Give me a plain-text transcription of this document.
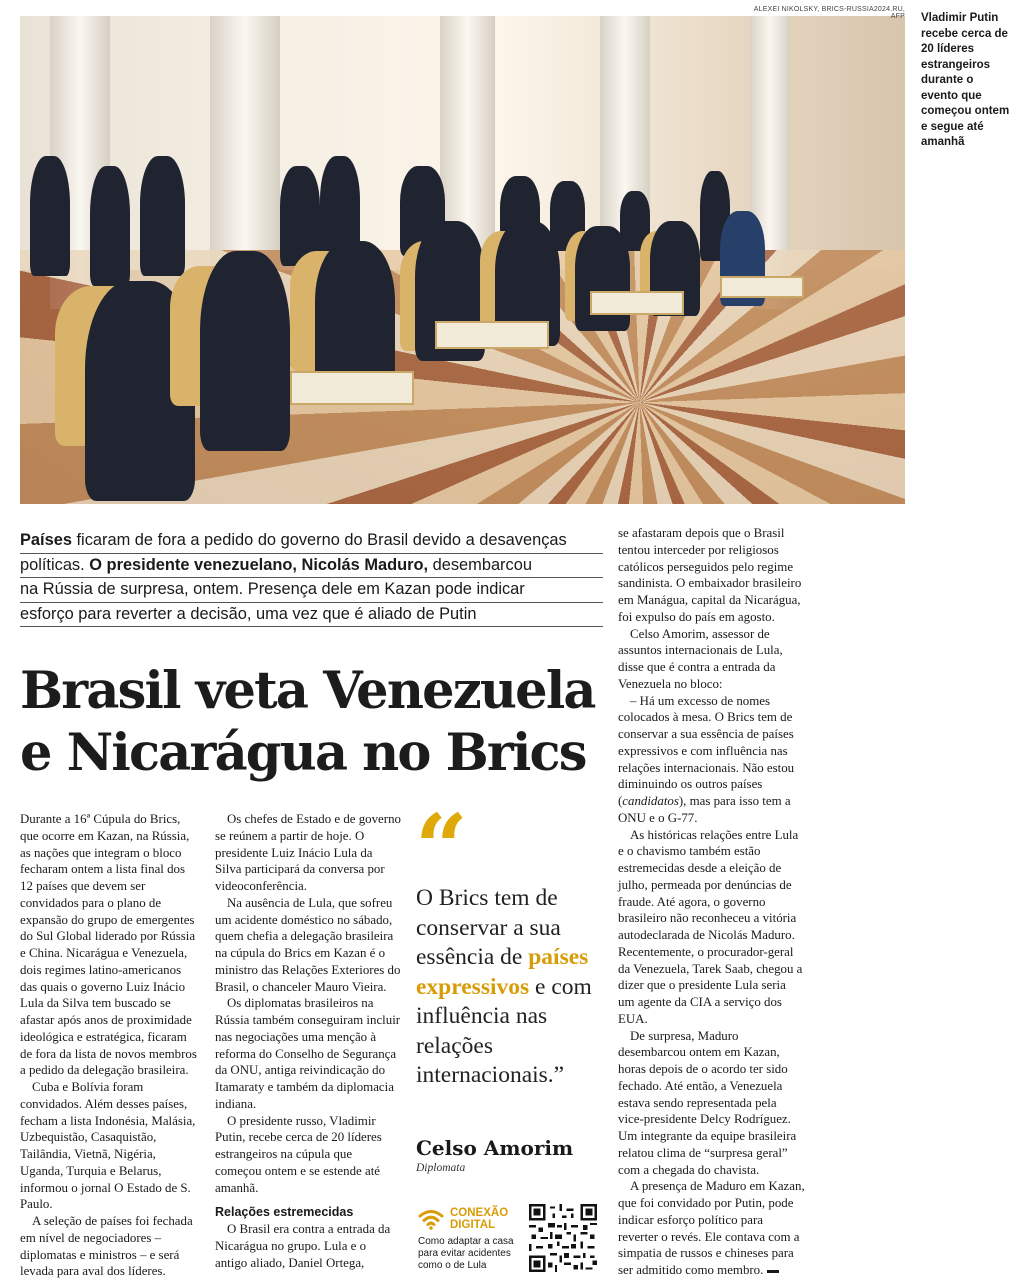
ALEXEI NIKOLSKY, BRICS-RUSSIA2024.RU, AFP Vladimir Putin recebe cerca de 20 líderes estrangeiros durante o evento que começou ontem e segue até amanhã
Países ficaram de fora a pedido do governo do Brasil devido a desavenças
políticas. O presidente venezuelano, Nicolás Maduro, desembarcou
na Rússia de surpresa, ontem. Presença dele em Kazan pode indicar
esforço para reverter a decisão, uma vez que é aliado de Putin
Brasil veta Venezuela
e Nicarágua no Brics

Durante a 16ª Cúpula do Brics, que ocorre em Kazan, na Rússia, as nações que integram o bloco fecharam ontem a lista final dos 12 países que devem ser convidados para o plano de expansão do grupo de emergentes do Sul Global liderado por Rússia e China. Nicarágua e Venezuela, dois regimes latino-americanos das quais o governo Luiz Inácio Lula da Silva tem buscado se afastar após anos de proximidade ideológica e estratégica, ficaram de fora da lista de novos membros a pedido da delegação brasileira.

Cuba e Bolívia foram convidados. Além desses países, fecham a lista Indonésia, Malásia, Uzbequistão, Casaquistão, Tailândia, Vietnã, Nigéria, Uganda, Turquia e Belarus, informou o jornal O Estado de S. Paulo.

A seleção de países foi fechada em nível de negociadores – diplomatas e ministros – e será levada para aval dos líderes.

Os chefes de Estado e de governo se reúnem a partir de hoje. O presidente Luiz Inácio Lula da Silva participará da conversa por videoconferência.

Na ausência de Lula, que sofreu um acidente doméstico no sábado, quem chefia a delegação brasileira na cúpula do Brics em Kazan é o ministro das Relações Exteriores do Brasil, o chanceler Mauro Vieira.

Os diplomatas brasileiros na Rússia também conseguiram incluir nas negociações uma menção à reforma do Conselho de Segurança da ONU, antiga reivindicação do Itamaraty e também da diplomacia indiana.

O presidente russo, Vladimir Putin, recebe cerca de 20 líderes estrangeiros na cúpula que começou ontem e se estende até amanhã.

Relações estremecidas

O Brasil era contra a entrada da Nicarágua no grupo. Lula e o antigo aliado, Daniel Ortega,

“
O Brics tem de conservar a sua essência de países expressivos e com influência nas relações internacionais.”
Celso Amorim
Diplomata
CONEXÃO DIGITAL
Como adaptar a casa para evitar acidentes como o de Lula

se afastaram depois que o Brasil tentou interceder por religiosos católicos perseguidos pelo regime sandinista. O embaixador brasileiro em Manágua, capital da Nicarágua, foi expulso do país em agosto.

Celso Amorim, assessor de assuntos internacionais de Lula, disse que é contra a entrada da Venezuela no bloco:

– Há um excesso de nomes colocados à mesa. O Brics tem de conservar a sua essência de países expressivos e com influência nas relações internacionais. Não estou diminuindo os outros países (candidatos), mas para isso tem a ONU e o G-77.

As históricas relações entre Lula e o chavismo também estão estremecidas desde a eleição de julho, permeada por denúncias de fraude. Até agora, o governo brasileiro não reconheceu a vitória autodeclarada de Nicolás Maduro. Recentemente, o procurador-geral da Venezuela, Tarek Saab, chegou a dizer que o presidente Lula seria um agente da CIA a serviço dos EUA.

De surpresa, Maduro desembarcou ontem em Kazan, horas depois de o acordo ter sido fechado. Até então, a Venezuela estava sendo representada pela vice-presidente Delcy Rodríguez. Um integrante da equipe brasileira relatou clima de “surpresa geral” com a chegada do chavista.

A presença de Maduro em Kazan, que foi convidado por Putin, pode indicar esforço político para reverter o revés. Ele contava com a simpatia de russos e chineses para ser admitido como membro.
